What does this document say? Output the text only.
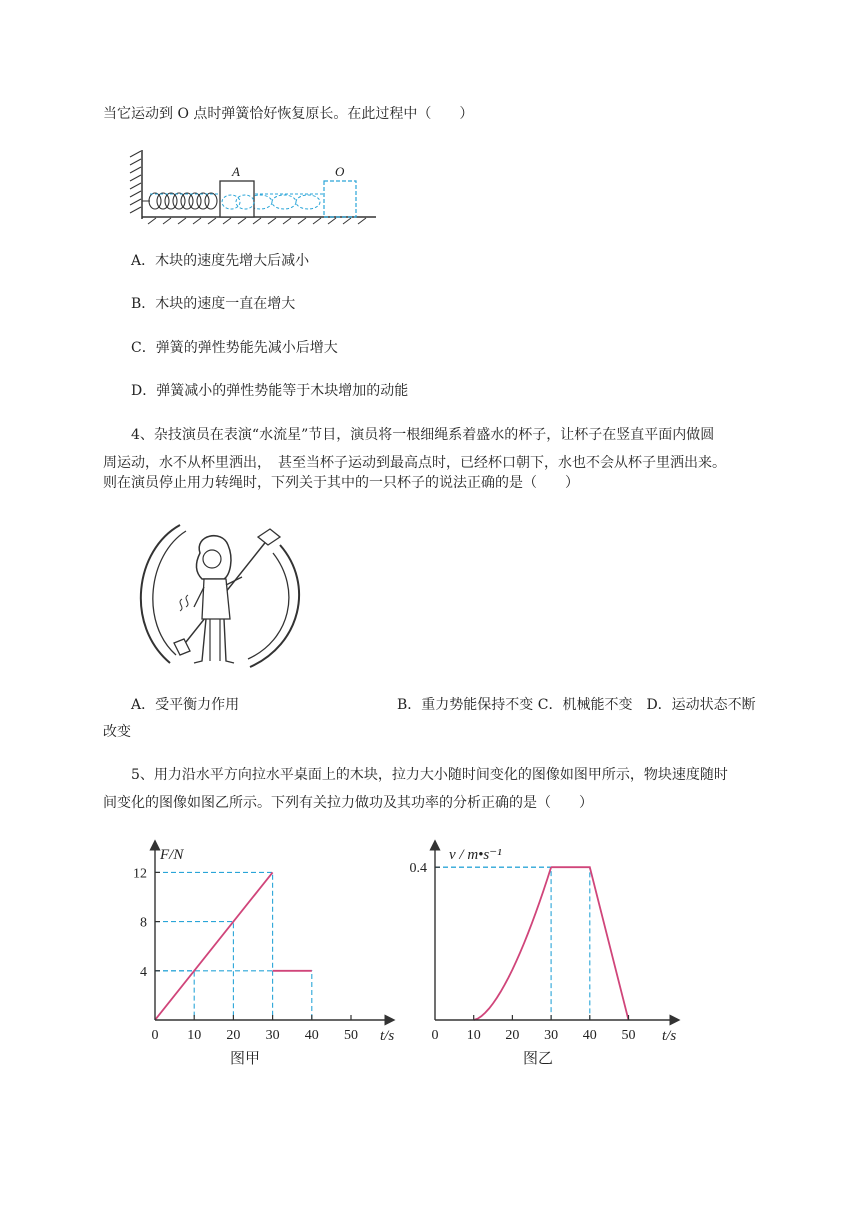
当它运动到 O 点时弹簧恰好恢复原长。在此过程中（　　）
A	O
A．木块的速度先增大后减小
B．木块的速度一直在增大
C．弹簧的弹性势能先减小后增大
D．弹簧减小的弹性势能等于木块增加的动能
4、杂技演员在表演“水流星”节目，演员将一根细绳系着盛水的杯子，让杯子在竖直平面内做圆
周运动，水不从杯里洒出，　甚至当杯子运动到最高点时，已经杯口朝下，水也不会从杯子里洒出来。
则在演员停止用力转绳时，下列关于其中的一只杯子的说法正确的是（　　）
A．受平衡力作用	B．重力势能保持不变 C．机械能不变　D．运动状态不断
改变
5、用力沿水平方向拉水平桌面上的木块，拉力大小随时间变化的图像如图甲所示，物块速度随时
间变化的图像如图乙所示。下列有关拉力做功及其功率的分析正确的是（　　）
0 10 20 30 40 50
4
8
12
F/N
t/s
图甲
0 10 20 30 40 50
0.4
v / m•s⁻¹
t/s
图乙
